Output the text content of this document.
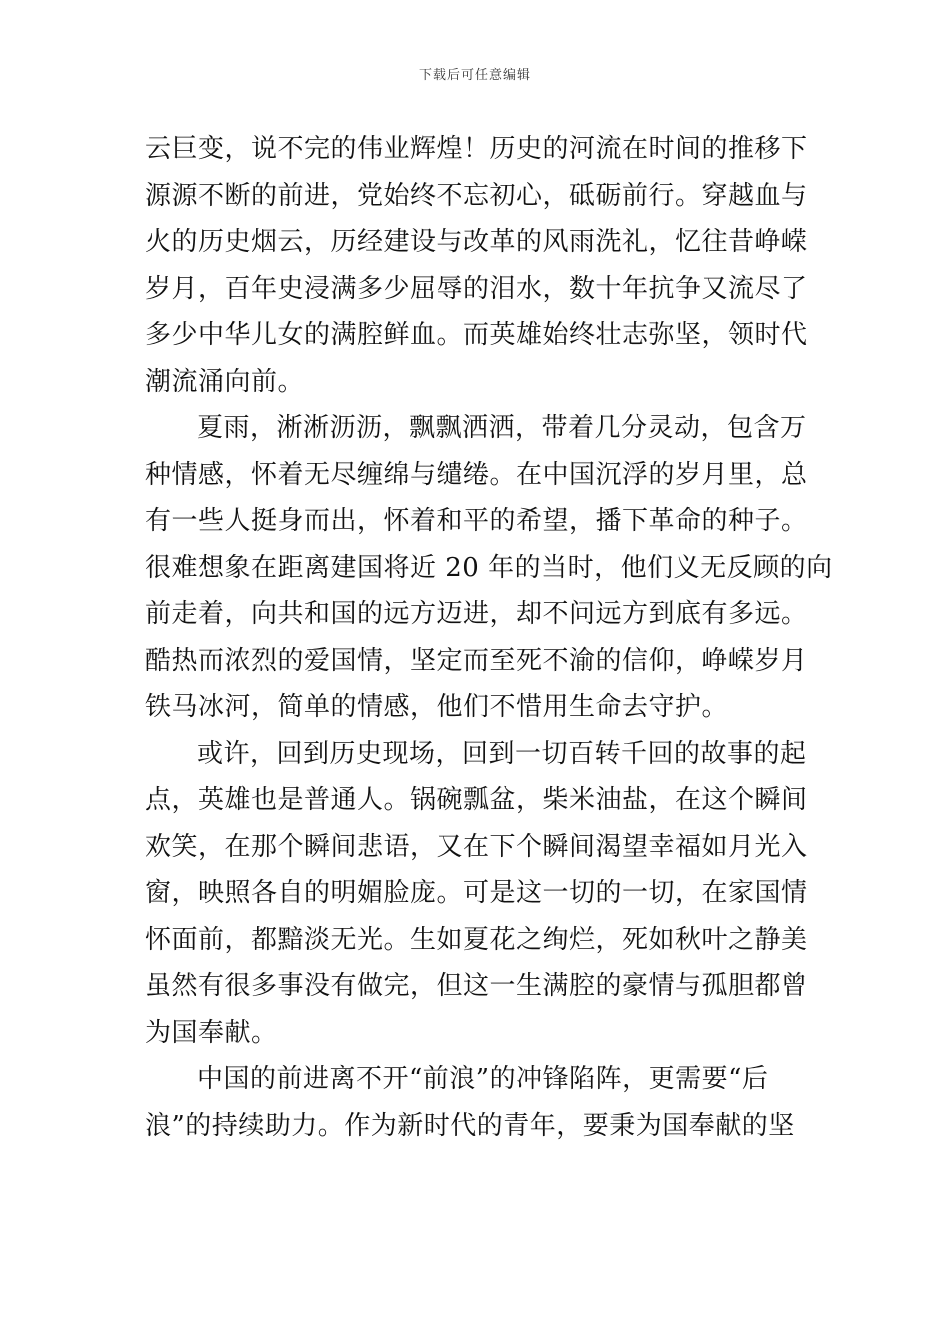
下载后可任意编辑
云巨变，说不完的伟业辉煌！历史的河流在时间的推移下
源源不断的前进，党始终不忘初心，砥砺前行。穿越血与
火的历史烟云，历经建设与改革的风雨洗礼，忆往昔峥嵘
岁月，百年史浸满多少屈辱的泪水，数十年抗争又流尽了
多少中华儿女的满腔鲜血。而英雄始终壮志弥坚，领时代
潮流涌向前。
夏雨，淅淅沥沥，飘飘洒洒，带着几分灵动，包含万
种情感，怀着无尽缠绵与缱绻。在中国沉浮的岁月里，总
有一些人挺身而出，怀着和平的希望，播下革命的种子。
很难想象在距离建国将近 20 年的当时，他们义无反顾的向
前走着，向共和国的远方迈进，却不问远方到底有多远。
酷热而浓烈的爱国情，坚定而至死不渝的信仰，峥嵘岁月
铁马冰河，简单的情感，他们不惜用生命去守护。
或许，回到历史现场，回到一切百转千回的故事的起
点，英雄也是普通人。锅碗瓢盆，柴米油盐，在这个瞬间
欢笑，在那个瞬间悲语，又在下个瞬间渴望幸福如月光入
窗，映照各自的明媚脸庞。可是这一切的一切，在家国情
怀面前，都黯淡无光。生如夏花之绚烂，死如秋叶之静美
虽然有很多事没有做完，但这一生满腔的豪情与孤胆都曾
为国奉献。
中国的前进离不开“前浪”的冲锋陷阵，更需要“后
浪”的持续助力。作为新时代的青年，要秉为国奉献的坚
